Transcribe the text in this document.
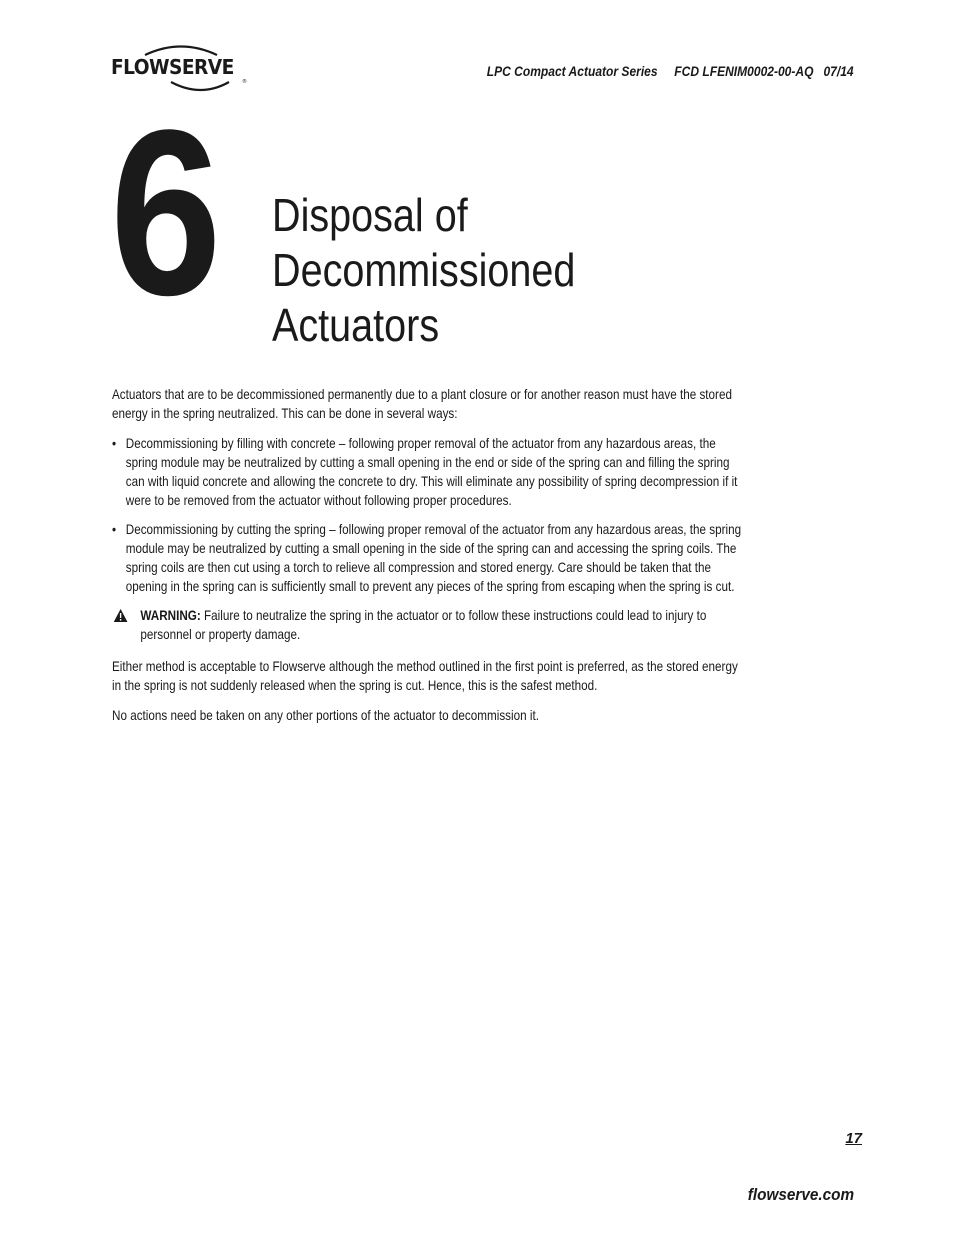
®
FLOWSERVE	LPC Compact Actuator Series FCD LFENIM0002-00-AQ 07/14
6 Disposal of
Decommissioned
Actuators

Actuators that are to be decommissioned permanently due to a plant closure or for another reason must have the stored energy in the spring neutralized. This can be done in several ways:

• Decommissioning by filling with concrete – following proper removal of the actuator from any hazardous areas, the spring module may be neutralized by cutting a small opening in the end or side of the spring can and filling the spring can with liquid concrete and allowing the concrete to dry. This will eliminate any possibility of spring decompression if it were to be removed from the actuator without following proper procedures.
• Decommissioning by cutting the spring – following proper removal of the actuator from any hazardous areas, the spring module may be neutralized by cutting a small opening in the side of the spring can and accessing the spring coils. The spring coils are then cut using a torch to relieve all compression and stored energy. Care should be taken that the opening in the spring can is sufficiently small to prevent any pieces of the spring from escaping when the spring is cut.
WARNING: Failure to neutralize the spring in the actuator or to follow these instructions could lead to injury to personnel or property damage.

Either method is acceptable to Flowserve although the method outlined in the first point is preferred, as the stored energy in the spring is not suddenly released when the spring is cut. Hence, this is the safest method.

No actions need be taken on any other portions of the actuator to decommission it.

17
flowserve.com
